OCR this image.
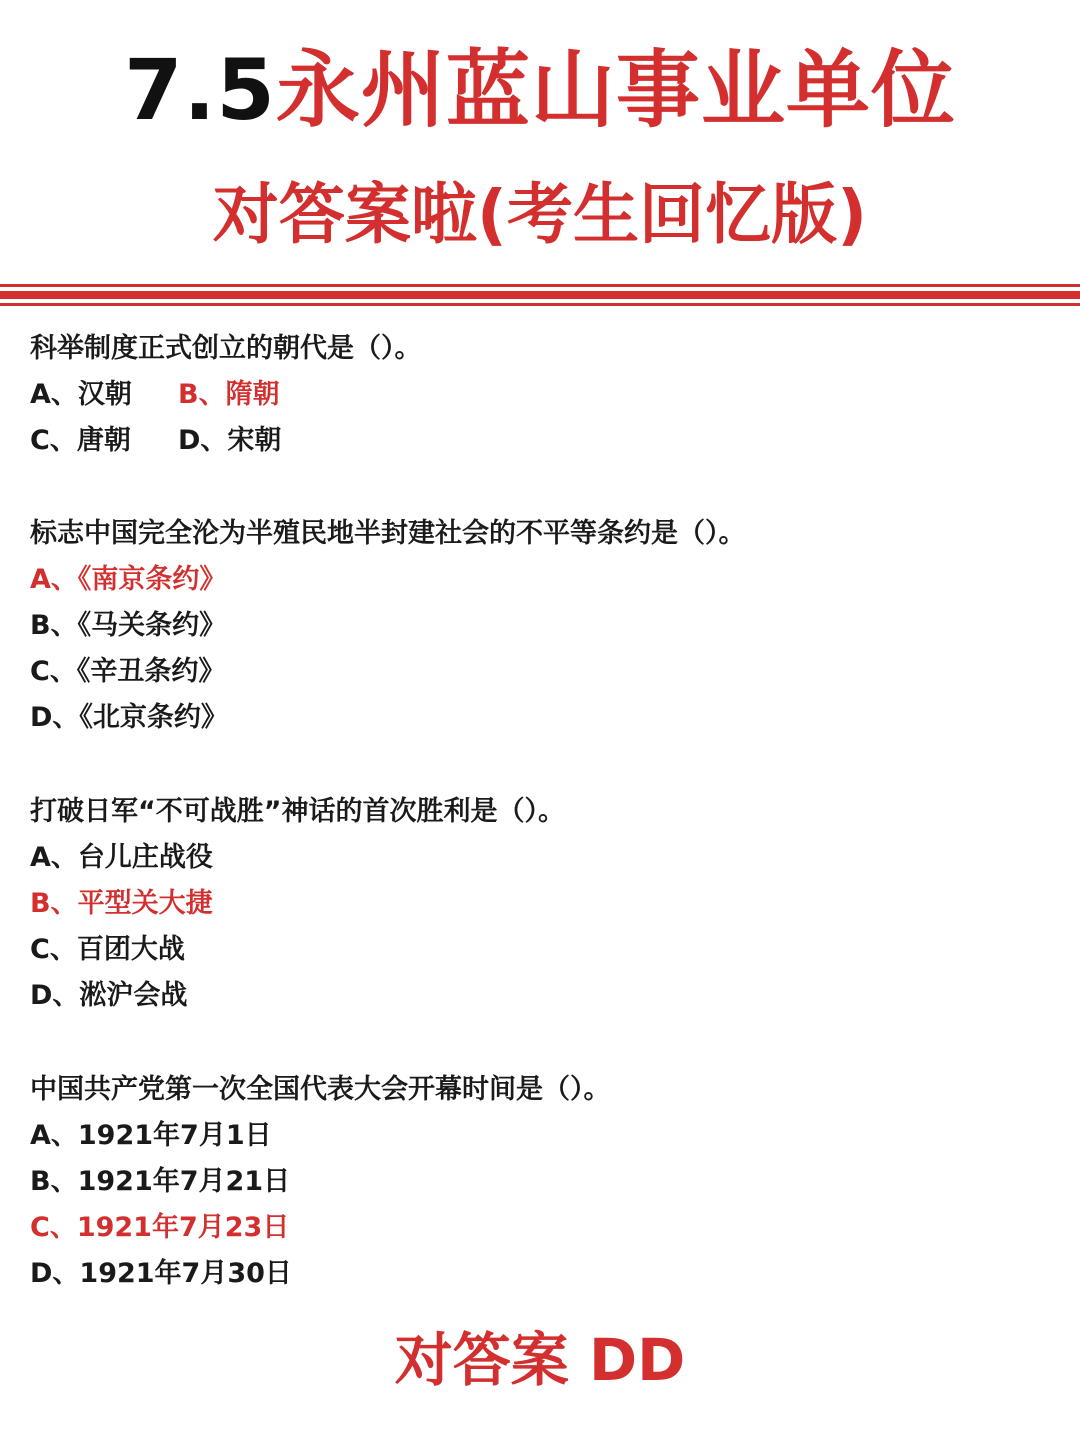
7.5永州蓝山事业单位
对答案啦(考生回忆版)
科举制度正式创立的朝代是（）。
A、汉朝	B、隋朝
C、唐朝	D、宋朝
标志中国完全沦为半殖民地半封建社会的不平等条约是（）。
A、《南京条约》
B、《马关条约》
C、《辛丑条约》
D、《北京条约》
打破日军“不可战胜”神话的首次胜利是（）。
A、台儿庄战役
B、平型关大捷
C、百团大战
D、淞沪会战
中国共产党第一次全国代表大会开幕时间是（）。
A、1921年7月1日
B、1921年7月21日
C、1921年7月23日
D、1921年7月30日
对答案 DD
